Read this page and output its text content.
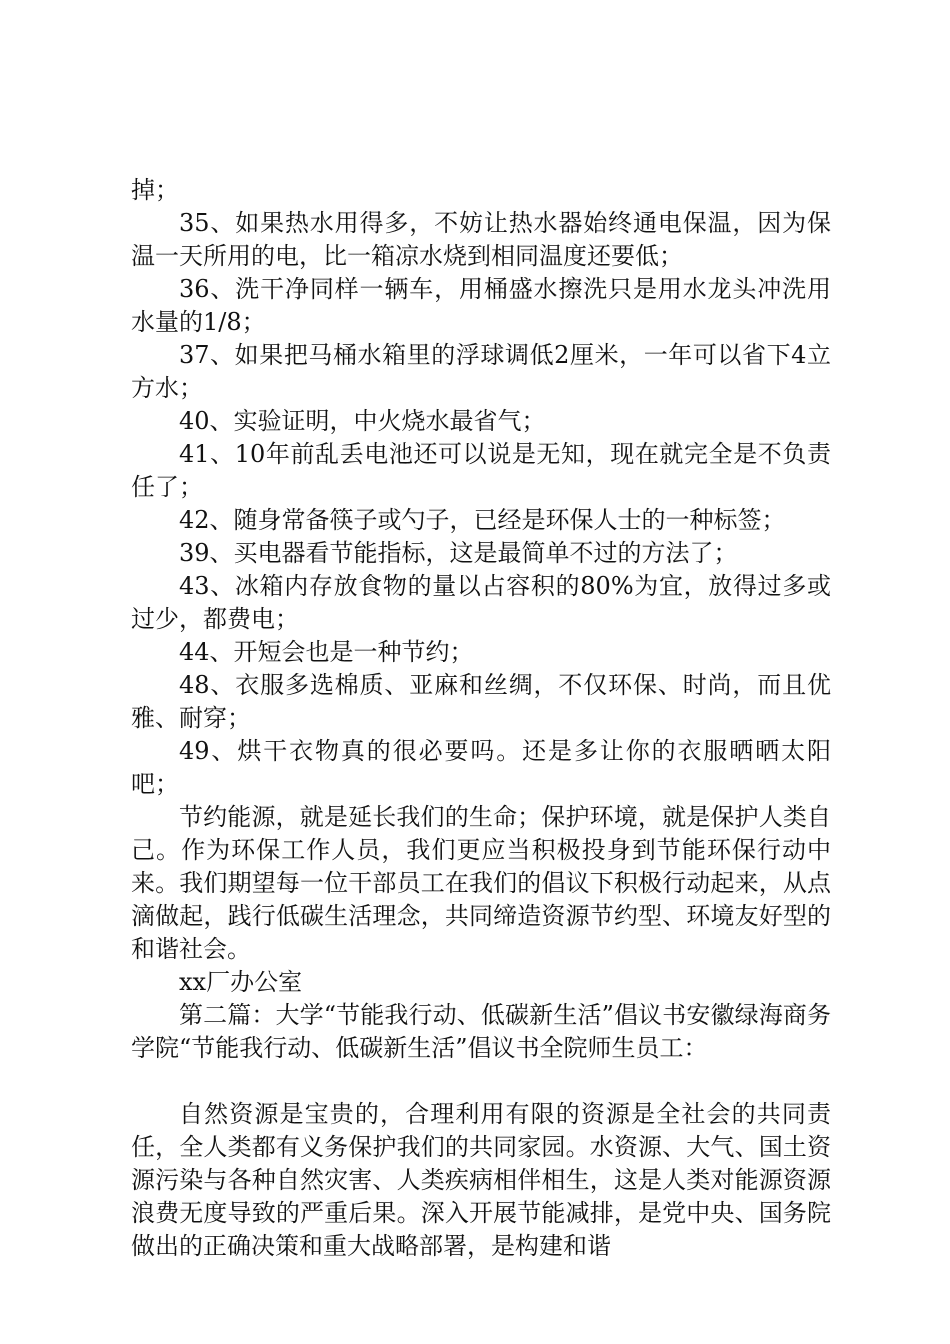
掉；

35、如果热水用得多，不妨让热水器始终通电保温，因为保温一天所用的电，比一箱凉水烧到相同温度还要低；

36、洗干净同样一辆车，用桶盛水擦洗只是用水龙头冲洗用水量的1/8；

37、如果把马桶水箱里的浮球调低2厘米，一年可以省下4立方水；

40、实验证明，中火烧水最省气；

41、10年前乱丢电池还可以说是无知，现在就完全是不负责任了；

42、随身常备筷子或勺子，已经是环保人士的一种标签；

39、买电器看节能指标，这是最简单不过的方法了；

43、冰箱内存放食物的量以占容积的80%为宜，放得过多或过少，都费电；

44、开短会也是一种节约；

48、衣服多选棉质、亚麻和丝绸，不仅环保、时尚，而且优雅、耐穿；

49、烘干衣物真的很必要吗。还是多让你的衣服晒晒太阳吧；

节约能源，就是延长我们的生命；保护环境，就是保护人类自己。作为环保工作人员，我们更应当积极投身到节能环保行动中来。我们期望每一位干部员工在我们的倡议下积极行动起来，从点滴做起，践行低碳生活理念，共同缔造资源节约型、环境友好型的和谐社会。

xx厂办公室

第二篇：大学“节能我行动、低碳新生活”倡议书安徽绿海商务学院“节能我行动、低碳新生活”倡议书全院师生员工：

自然资源是宝贵的，合理利用有限的资源是全社会的共同责任，全人类都有义务保护我们的共同家园。水资源、大气、国土资源污染与各种自然灾害、人类疾病相伴相生，这是人类对能源资源浪费无度导致的严重后果。深入开展节能减排，是党中央、国务院做出的正确决策和重大战略部署，是构建和谐
